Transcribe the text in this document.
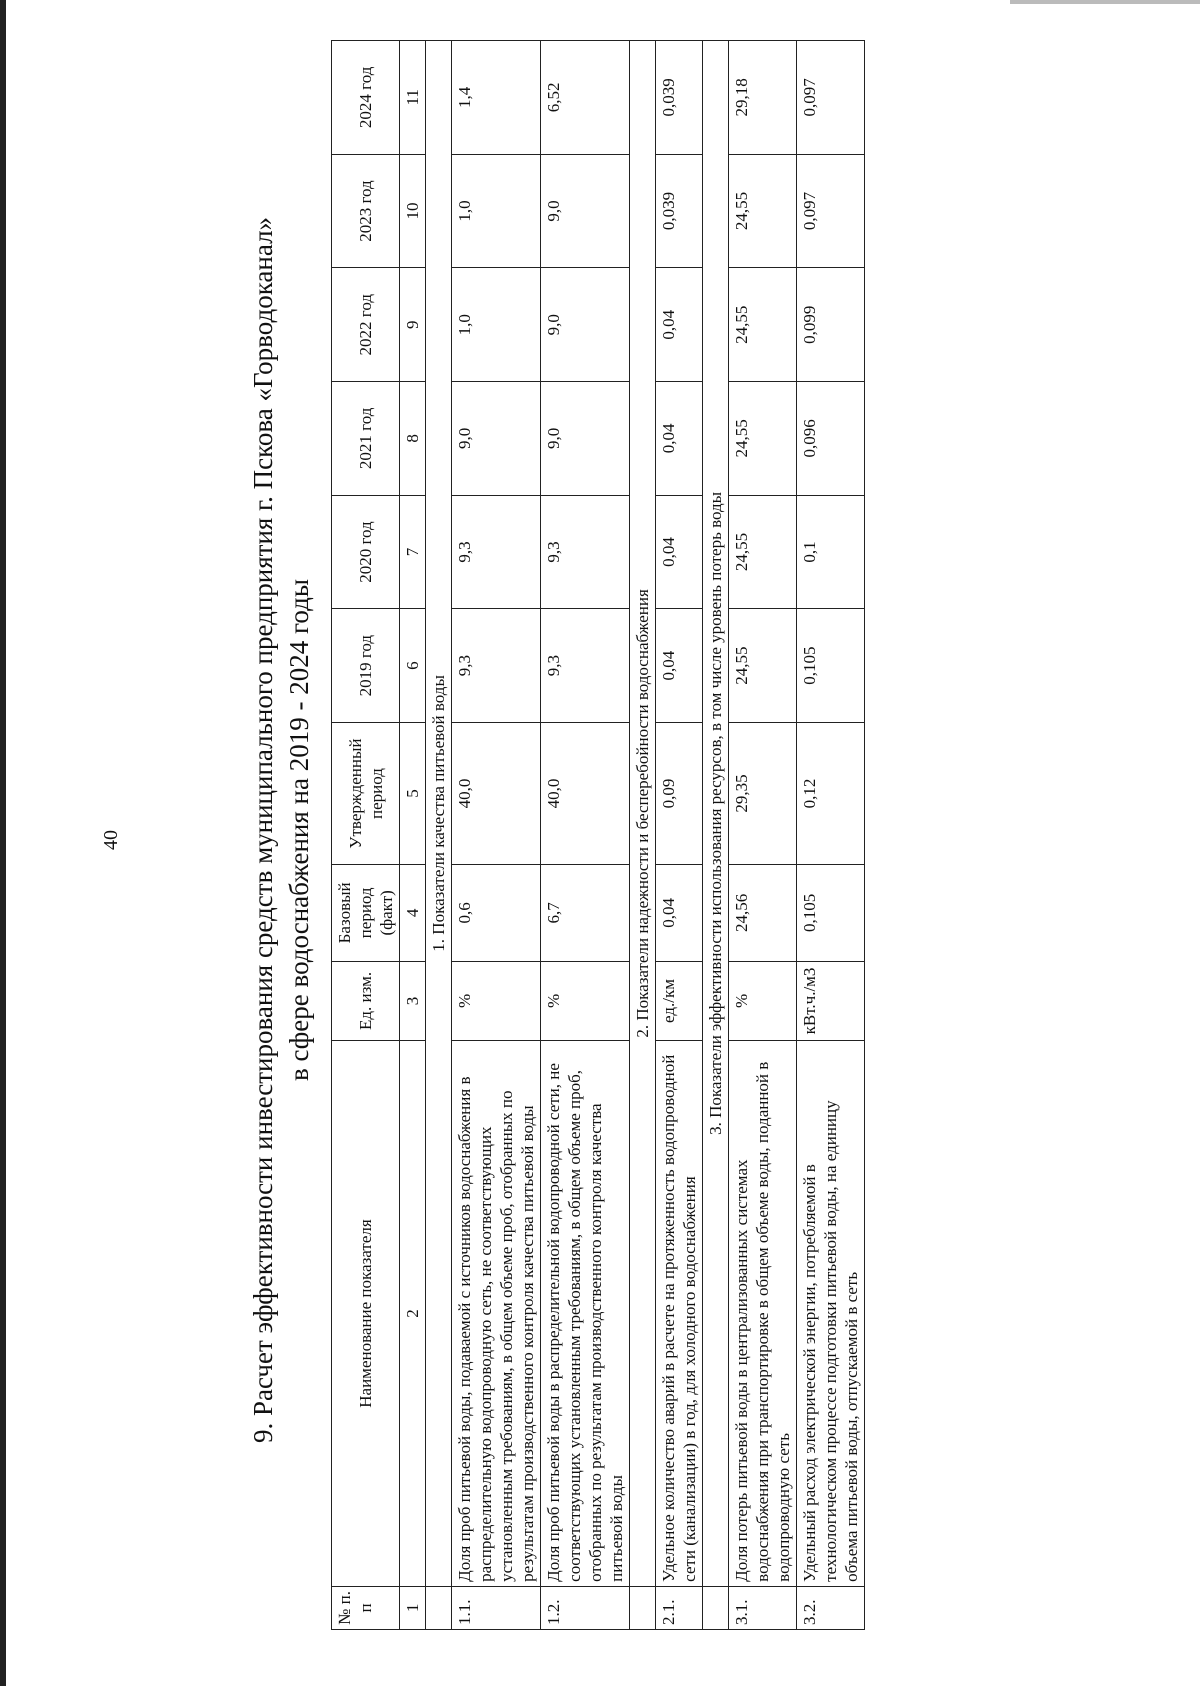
40	9. Расчет эффективности инвестирования средств муниципального предприятия г. Пскова «Горводоканал» в сфере водоснабжения на 2019 - 2024 годы
№ п. п	Наименование показателя	Ед. изм.	Базовый период (факт)	Утвержденный период	2019 год	2020 год	2021 год	2022 год	2023 год	2024 год
1	2	3	4	5	6	7	8	9	10	11
	1. Показатели качества питьевой воды									
1.1.	Доля проб питьевой воды, подаваемой с источников водоснабжения в распределительную водопроводную сеть, не соответствующих установленным требованиям, в общем объеме проб, отобранных по результатам производственного контроля качества питьевой воды	%	0,6	40,0	9,3	9,3	9,0	1,0	1,0	1,4
1.2.	Доля проб питьевой воды в распределительной водопроводной сети, не соответствующих установленным требованиям, в общем объеме проб, отобранных по результатам производственного контроля качества питьевой воды	%	6,7	40,0	9,3	9,3	9,0	9,0	9,0	6,52
	2. Показатели надежности и бесперебойности водоснабжения									
2.1.	Удельное количество аварий в расчете на протяженность водопроводной сети (канализации) в год, для холодного водоснабжения	ед./км	0,04	0,09	0,04	0,04	0,04	0,04	0,039	0,039
	3. Показатели эффективности использования ресурсов, в том числе уровень потерь воды									
3.1.	Доля потерь питьевой воды в централизованных системах водоснабжения при транспортировке в общем объеме воды, поданной в водопроводную сеть	%	24,56	29,35	24,55	24,55	24,55	24,55	24,55	29,18
3.2.	Удельный расход электрической энергии, потребляемой в технологическом процессе подготовки питьевой воды, на единицу объема питьевой воды, отпускаемой в сеть	кВт.ч./м3	0,105	0,12	0,105	0,1	0,096	0,099	0,097	0,097
